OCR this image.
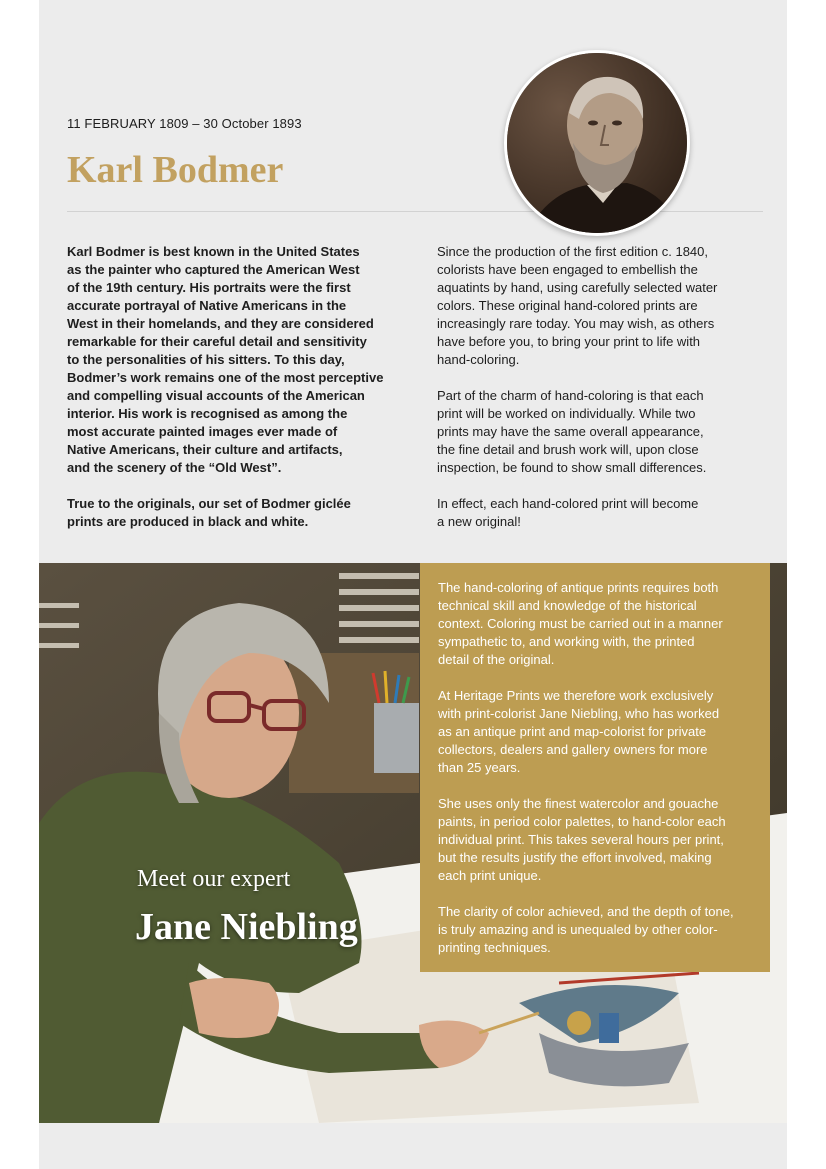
11 FEBRUARY 1809 – 30 October 1893
Karl Bodmer

Karl Bodmer is best known in the United States
as the painter who captured the American West
of the 19th century. His portraits were the first
accurate portrayal of Native Americans in the
West in their homelands, and they are considered
remarkable for their careful detail and sensitivity
to the personalities of his sitters. To this day,
Bodmer’s work remains one of the most perceptive
and compelling visual accounts of the American
interior. His work is recognised as among the
most accurate painted images ever made of
Native Americans, their culture and artifacts,
and the scenery of the “Old West”.

True to the originals, our set of Bodmer giclée
prints are produced in black and white.

Since the production of the first edition c. 1840,
colorists have been engaged to embellish the
aquatints by hand, using carefully selected water
colors. These original hand-colored prints are
increasingly rare today. You may wish, as others
have before you, to bring your print to life with
hand-coloring.

Part of the charm of hand-coloring is that each
print will be worked on individually. While two
prints may have the same overall appearance,
the fine detail and brush work will, upon close
inspection, be found to show small differences.

In effect, each hand-colored print will become
a new original!

Meet our expert
Jane Niebling

The hand-coloring of antique prints requires both
technical skill and knowledge of the historical
context. Coloring must be carried out in a manner
sympathetic to, and working with, the printed
detail of the original.

At Heritage Prints we therefore work exclusively
with print-colorist Jane Niebling, who has worked
as an antique print and map-colorist for private
collectors, dealers and gallery owners for more
than 25 years.

She uses only the finest watercolor and gouache
paints, in period color palettes, to hand-color each
individual print. This takes several hours per print,
but the results justify the effort involved, making
each print unique.

The clarity of color achieved, and the depth of tone,
is truly amazing and is unequaled by other color-
printing techniques.
